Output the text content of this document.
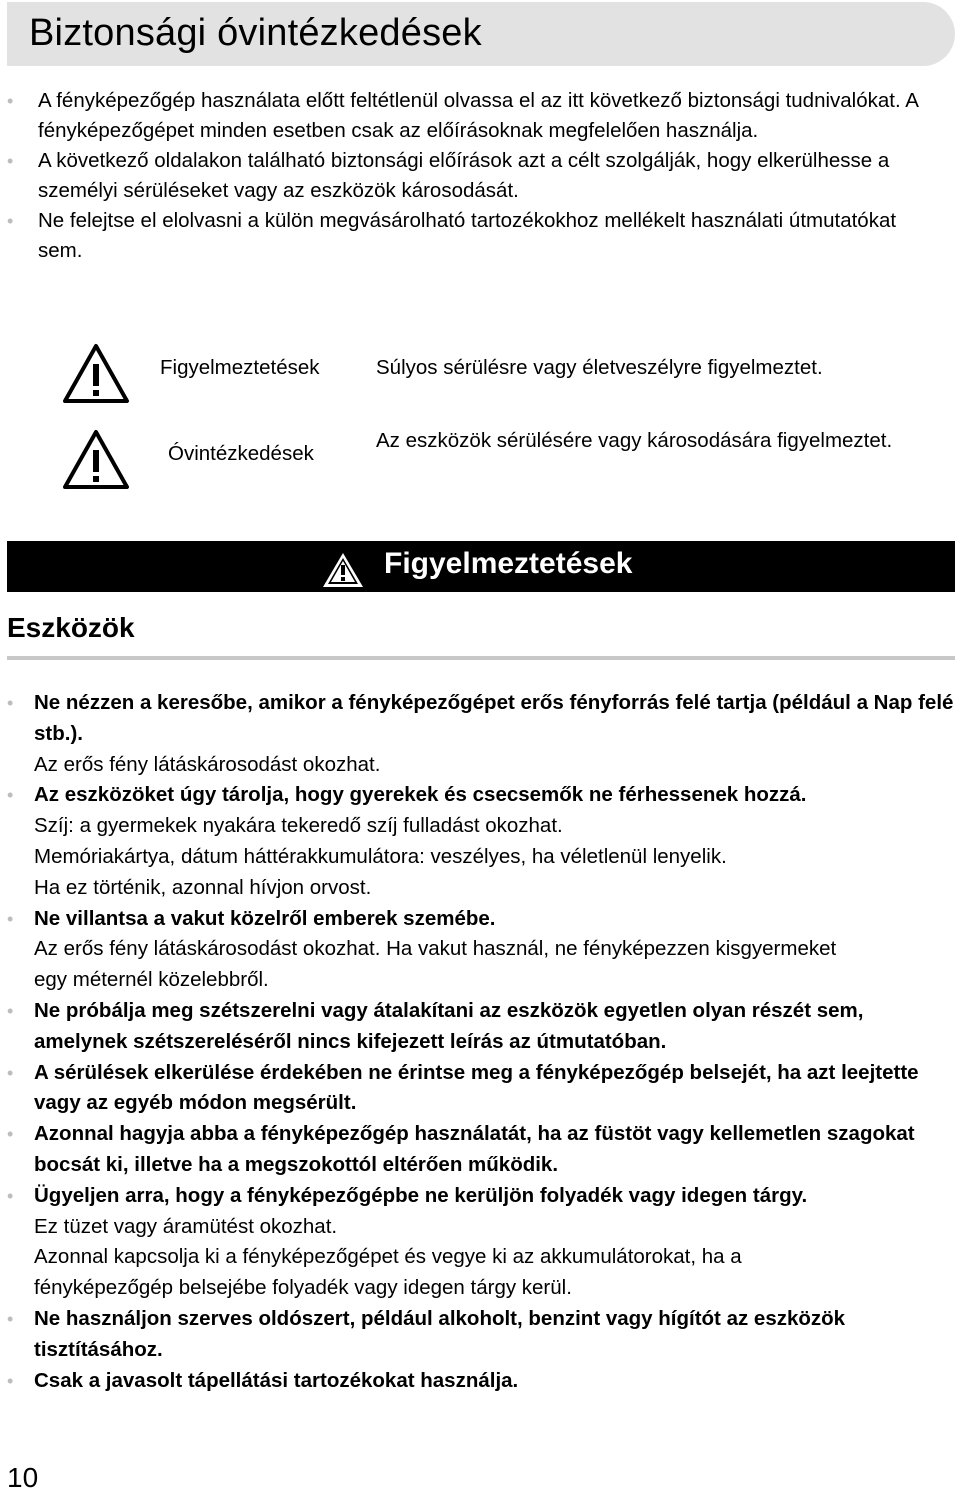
Biztonsági óvintézkedések
• A fényképezőgép használata előtt feltétlenül olvassa el az itt következő biztonsági tudnivalókat. A fényképezőgépet minden esetben csak az előírásoknak megfelelően használja.
• A következő oldalakon található biztonsági előírások azt a célt szolgálják, hogy elkerülhesse a személyi sérüléseket vagy az eszközök károsodását.
• Ne felejtse el elolvasni a külön megvásárolható tartozékokhoz mellékelt használati útmutatókat sem.
Figyelmeztetések	Súlyos sérülésre vagy életveszélyre figyelmeztet.
Óvintézkedések
Az eszközök sérülésére vagy károsodására figyelmeztet.
Figyelmeztetések
Eszközök
• Ne nézzen a keresőbe, amikor a fényképezőgépet erős fényforrás felé tartja (például a Nap felé stb.).
Az erős fény látáskárosodást okozhat.
• Az eszközöket úgy tárolja, hogy gyerekek és csecsemők ne férhessenek hozzá.
Szíj: a gyermekek nyakára tekeredő szíj fulladást okozhat.
Memóriakártya, dátum háttérakkumulátora: veszélyes, ha véletlenül lenyelik.
Ha ez történik, azonnal hívjon orvost.
• Ne villantsa a vakut közelről emberek szemébe.
Az erős fény látáskárosodást okozhat. Ha vakut használ, ne fényképezzen kisgyermeket egy méternél közelebbről.
• Ne próbálja meg szétszerelni vagy átalakítani az eszközök egyetlen olyan részét sem, amelynek szétszereléséről nincs kifejezett leírás az útmutatóban.
• A sérülések elkerülése érdekében ne érintse meg a fényképezőgép belsejét, ha azt leejtette vagy az egyéb módon megsérült.
• Azonnal hagyja abba a fényképezőgép használatát, ha az füstöt vagy kellemetlen szagokat bocsát ki, illetve ha a megszokottól eltérően működik.
• Ügyeljen arra, hogy a fényképezőgépbe ne kerüljön folyadék vagy idegen tárgy.
Ez tüzet vagy áramütést okozhat.
Azonnal kapcsolja ki a fényképezőgépet és vegye ki az akkumulátorokat, ha a fényképezőgép belsejébe folyadék vagy idegen tárgy kerül.
• Ne használjon szerves oldószert, például alkoholt, benzint vagy hígítót az eszközök tisztításához.
• Csak a javasolt tápellátási tartozékokat használja.
10
